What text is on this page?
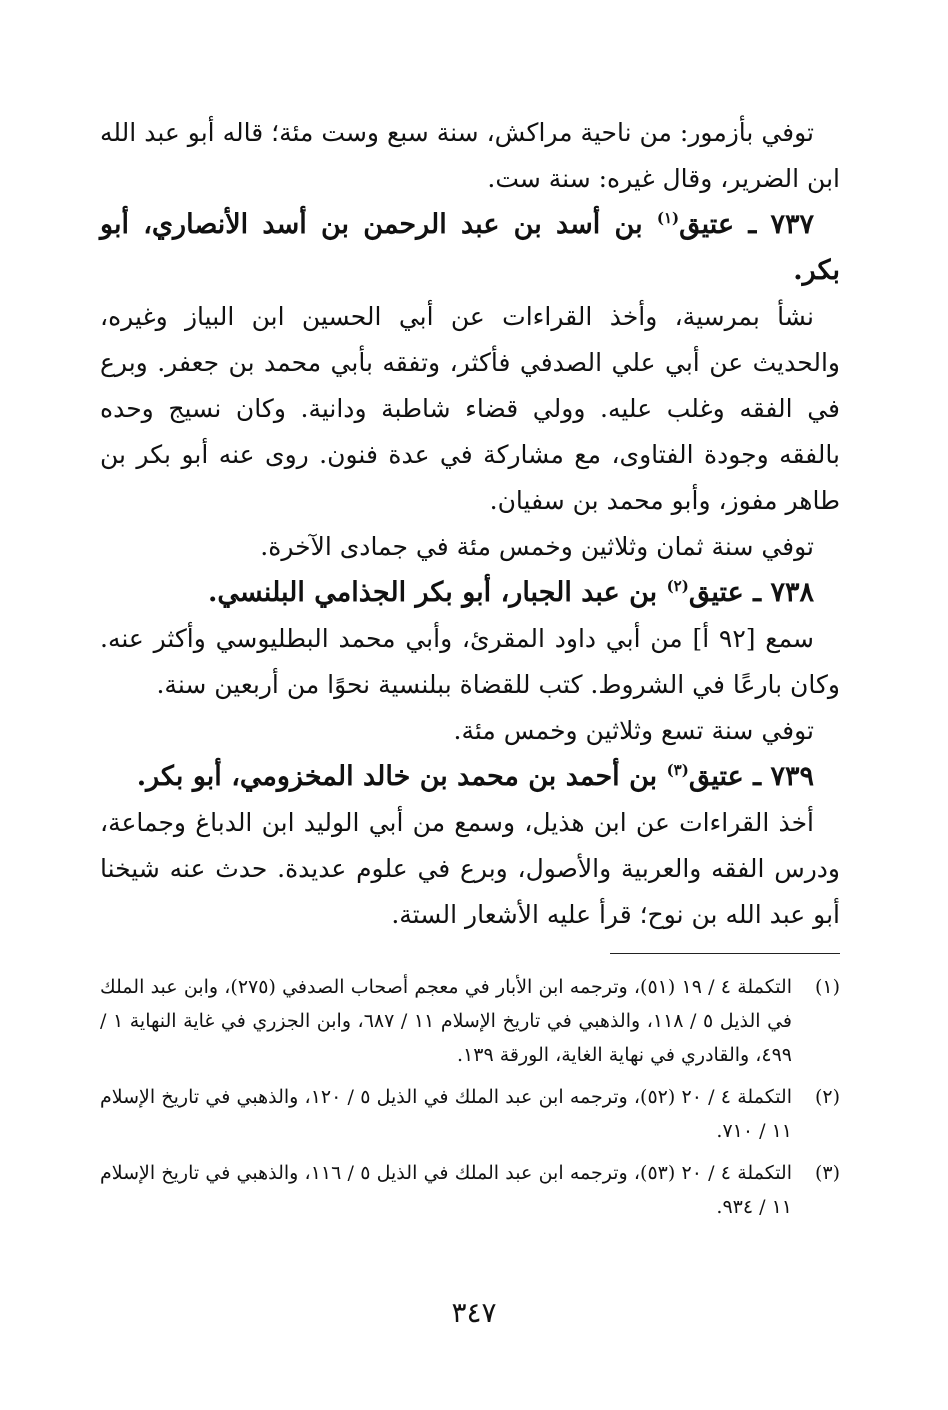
توفي بأزمور: من ناحية مراكش، سنة سبع وست مئة؛ قاله أبو عبد الله ابن الضرير، وقال غيره: سنة ست.

٧٣٧ ـ عتيق$^{(١)}$ بن أسد بن عبد الرحمن بن أسد الأنصاري، أبو بكر.

نشأ بمرسية، وأخذ القراءات عن أبي الحسين ابن البياز وغيره، والحديث عن أبي علي الصدفي فأكثر، وتفقه بأبي محمد بن جعفر. وبرع في الفقه وغلب عليه. وولي قضاء شاطبة ودانية. وكان نسيج وحده بالفقه وجودة الفتاوى، مع مشاركة في عدة فنون. روى عنه أبو بكر بن طاهر مفوز، وأبو محمد بن سفيان.

توفي سنة ثمان وثلاثين وخمس مئة في جمادى الآخرة.

٧٣٨ ـ عتيق$^{(٢)}$ بن عبد الجبار، أبو بكر الجذامي البلنسي.

سمع [٩٢ أ] من أبي داود المقرئ، وأبي محمد البطليوسي وأكثر عنه. وكان بارعًا في الشروط. كتب للقضاة ببلنسية نحوًا من أربعين سنة.

توفي سنة تسع وثلاثين وخمس مئة.

٧٣٩ ـ عتيق$^{(٣)}$ بن أحمد بن محمد بن خالد المخزومي، أبو بكر.

أخذ القراءات عن ابن هذيل، وسمع من أبي الوليد ابن الدباغ وجماعة، ودرس الفقه والعربية والأصول، وبرع في علوم عديدة. حدث عنه شيخنا أبو عبد الله بن نوح؛ قرأ عليه الأشعار الستة.

(١)
التكملة ٤ / ١٩ (٥١)، وترجمه ابن الأبار في معجم أصحاب الصدفي (٢٧٥)، وابن عبد الملك في الذيل ٥ / ١١٨، والذهبي في تاريخ الإسلام ١١ / ٦٨٧، وابن الجزري في غاية النهاية ١ / ٤٩٩، والقادري في نهاية الغاية، الورقة ١٣٩.
(٢)
التكملة ٤ / ٢٠ (٥٢)، وترجمه ابن عبد الملك في الذيل ٥ / ١٢٠، والذهبي في تاريخ الإسلام ١١ / ٧١٠.
(٣)
التكملة ٤ / ٢٠ (٥٣)، وترجمه ابن عبد الملك في الذيل ٥ / ١١٦، والذهبي في تاريخ الإسلام ١١ / ٩٣٤.
٣٤٧
